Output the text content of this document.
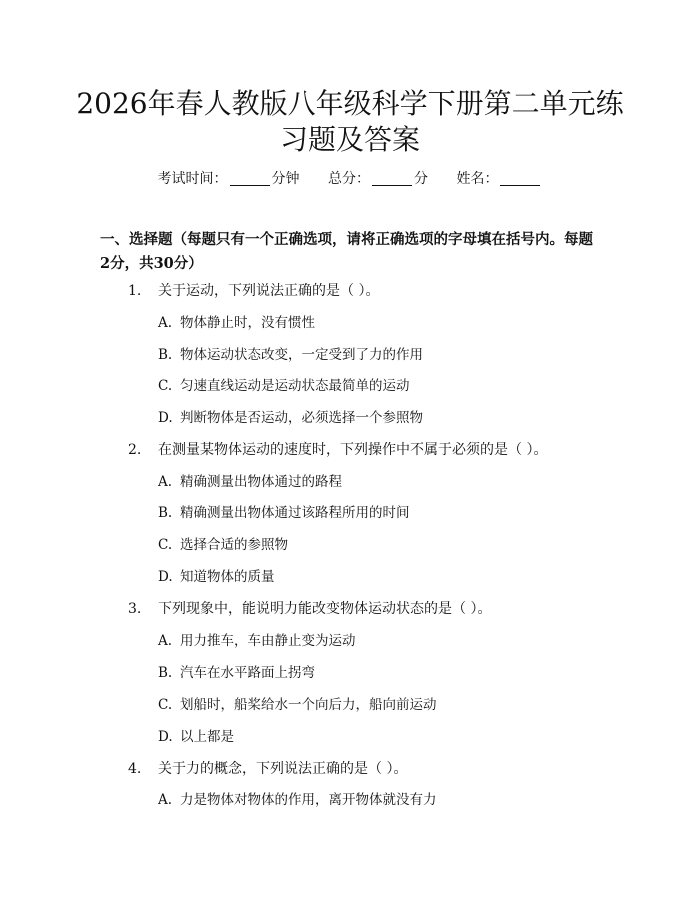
2026年春人教版八年级科学下册第二单元练
习题及答案
考试时间：	分钟 总分：	分 姓名：
一、选择题（每题只有一个正确选项，请将正确选项的字母填在括号内。每题2分，共30分）
1. 关于运动，下列说法正确的是（ ）。
A. 物体静止时，没有惯性
B. 物体运动状态改变，一定受到了力的作用
C. 匀速直线运动是运动状态最简单的运动
D. 判断物体是否运动，必须选择一个参照物
2. 在测量某物体运动的速度时，下列操作中不属于必须的是（ ）。
A. 精确测量出物体通过的路程
B. 精确测量出物体通过该路程所用的时间
C. 选择合适的参照物
D. 知道物体的质量
3. 下列现象中，能说明力能改变物体运动状态的是（ ）。
A. 用力推车，车由静止变为运动
B. 汽车在水平路面上拐弯
C. 划船时，船桨给水一个向后力，船向前运动
D. 以上都是
4. 关于力的概念，下列说法正确的是（ ）。
A. 力是物体对物体的作用，离开物体就没有力
